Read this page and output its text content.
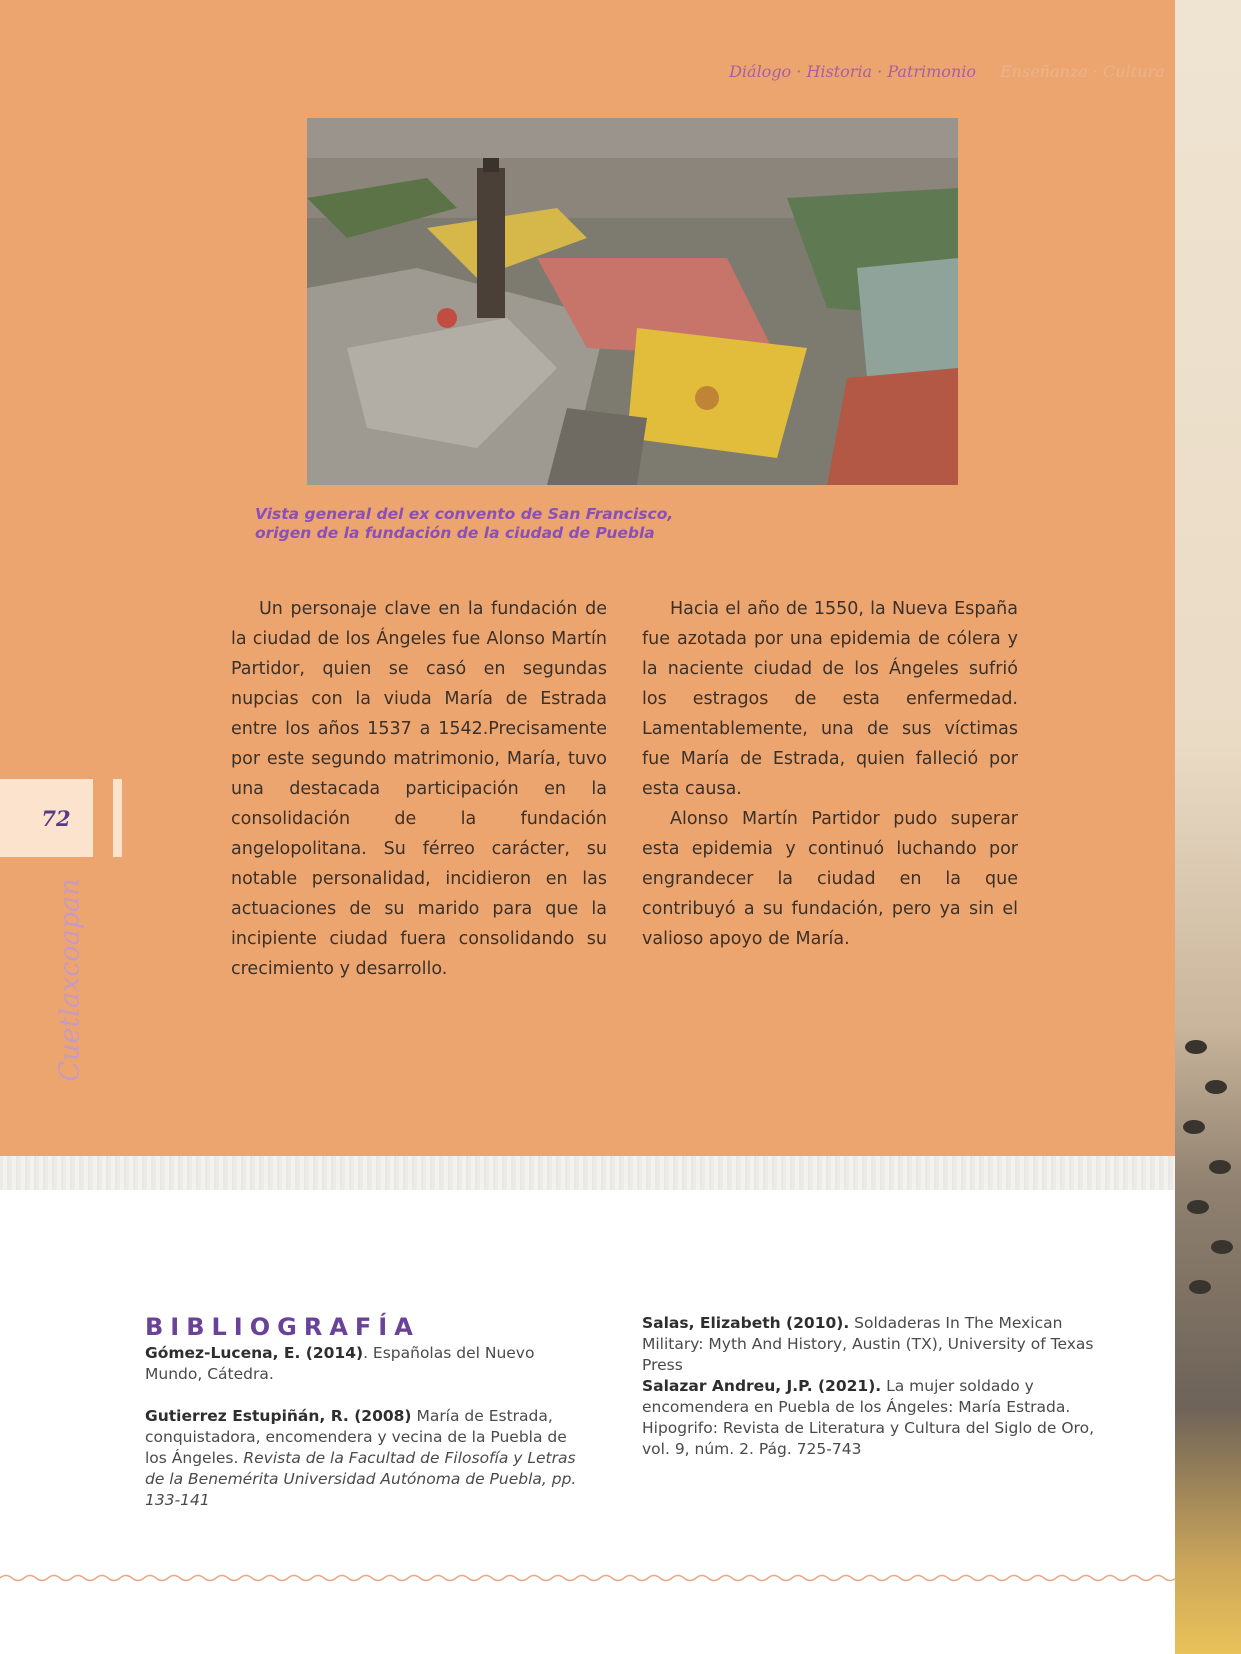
Diálogo · Historia · Patrimonio Enseñanza · Cultura
Vista general del ex convento de San Francisco,
origen de la fundación de la ciudad de Puebla

Un personaje clave en la fundación de la ciudad de los Ángeles fue Alonso Martín Partidor, quien se casó en segundas nupcias con la viuda María de Estrada entre los años 1537 a 1542.Precisamente por este segundo matrimonio, María, tuvo una destacada participación en la consolidación de la fundación angelopolitana. Su férreo carácter, su notable personalidad, incidieron en las actuaciones de su marido para que la incipiente ciudad fuera consolidando su crecimiento y desarrollo.

Hacia el año de 1550, la Nueva España fue azotada por una epidemia de cólera y la naciente ciudad de los Ángeles sufrió los estragos de esta enfermedad. Lamentablemente, una de sus víctimas fue María de Estrada, quien falleció por esta causa.

Alonso Martín Partidor pudo superar esta epidemia y continuó luchando por engrandecer la ciudad en la que contribuyó a su fundación, pero ya sin el valioso apoyo de María.

72
Cuetlaxcoapan
BIBLIOGRAFÍA
Gómez-Lucena, E. (2014). Españolas del Nuevo Mundo, Cátedra.
Gutierrez Estupiñán, R. (2008) María de Estrada, conquistadora, encomendera y vecina de la Puebla de los Ángeles. Revista de la Facultad de Filosofía y Letras de la Benemérita Universidad Autónoma de Puebla, pp. 133-141
Salas, Elizabeth (2010). Soldaderas In The Mexican Military: Myth And History, Austin (TX), University of Texas Press
Salazar Andreu, J.P. (2021). La mujer soldado y encomendera en Puebla de los Ángeles: María Estrada. Hipogrifo: Revista de Literatura y Cultura del Siglo de Oro, vol. 9, núm. 2. Pág. 725-743
